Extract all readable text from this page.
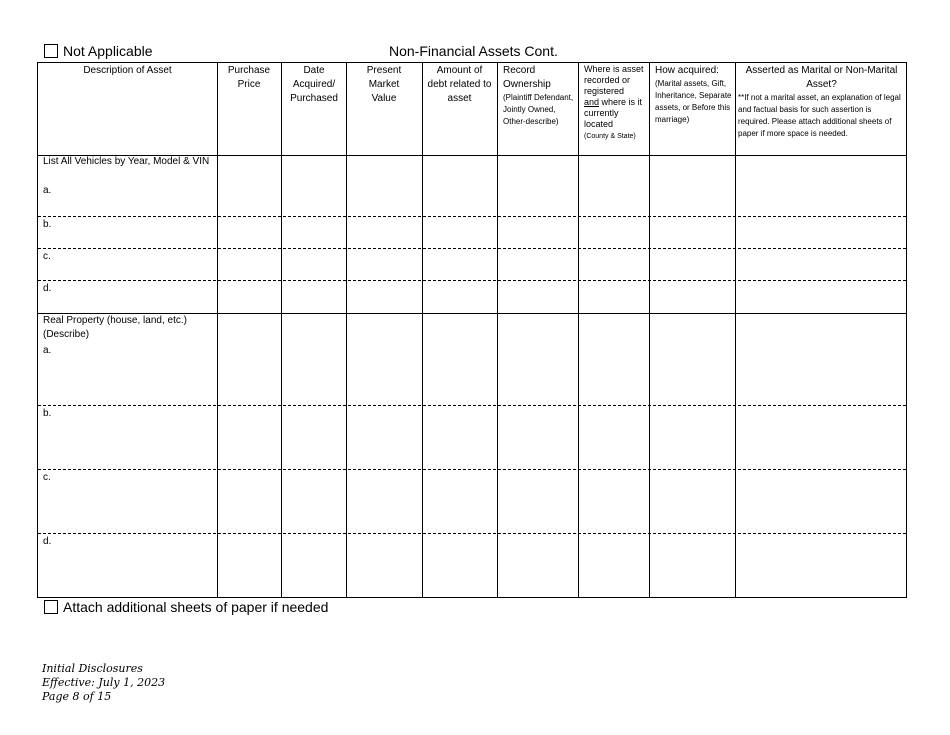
Not Applicable	Non-Financial Assets Cont.
Description of Asset	Purchase Price
Date Acquired/ Purchased
Present Market Value
Amount of debt related to asset
Record Ownership
(Plaintiff Defendant, Jointly Owned, Other-describe)
Where is asset recorded or registered
and where is it currently located
(County & State)
How acquired:
(Marital assets, Gift, Inheritance, Separate assets, or Before this marriage)
Asserted as Marital or Non-Marital Asset?
**If not a marital asset, an explanation of legal and factual basis for such assertion is required. Please attach additional sheets of paper if more space is needed.
List All Vehicles by Year, Model & VIN
a.
b.
c.
d.
Real Property (house, land, etc.)
(Describe)
a.
b.
c.
d.
Attach additional sheets of paper if needed
Initial Disclosures
Effective: July 1, 2023
Page 8 of 15
